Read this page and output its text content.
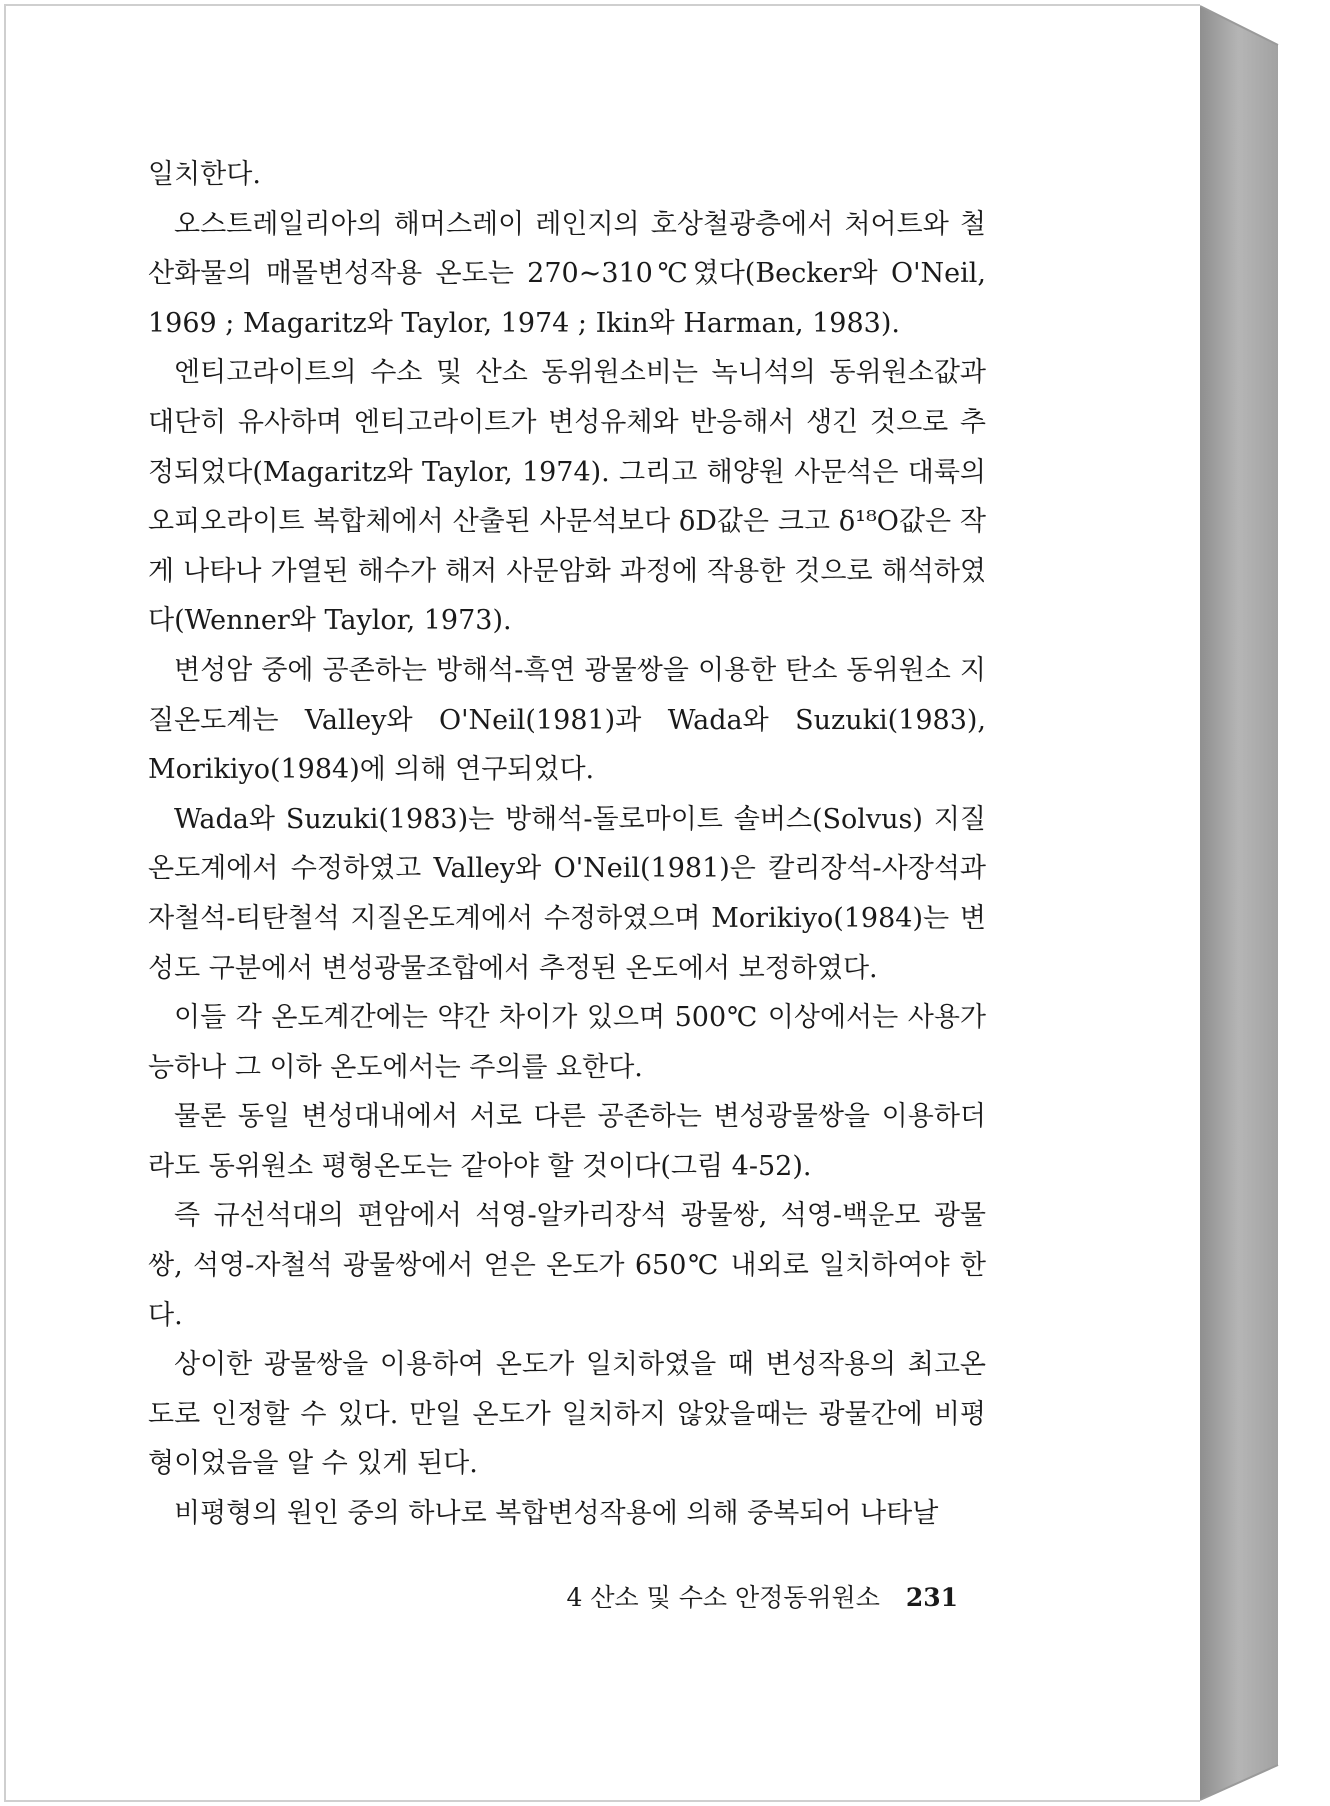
일치한다.

오스트레일리아의 해머스레이 레인지의 호상철광층에서 처어트와 철산화물의 매몰변성작용 온도는 270~310℃였다(Becker와 O'Neil, 1969 ; Magaritz와 Taylor, 1974 ; Ikin와 Harman, 1983).

엔티고라이트의 수소 및 산소 동위원소비는 녹니석의 동위원소값과 대단히 유사하며 엔티고라이트가 변성유체와 반응해서 생긴 것으로 추정되었다(Magaritz와 Taylor, 1974). 그리고 해양원 사문석은 대륙의 오피오라이트 복합체에서 산출된 사문석보다 δD값은 크고 δ¹⁸O값은 작게 나타나 가열된 해수가 해저 사문암화 과정에 작용한 것으로 해석하였다(Wenner와 Taylor, 1973).

변성암 중에 공존하는 방해석-흑연 광물쌍을 이용한 탄소 동위원소 지질온도계는 Valley와 O'Neil(1981)과 Wada와 Suzuki(1983), Morikiyo(1984)에 의해 연구되었다.

Wada와 Suzuki(1983)는 방해석-돌로마이트 솔버스(Solvus) 지질온도계에서 수정하였고 Valley와 O'Neil(1981)은 칼리장석-사장석과 자철석-티탄철석 지질온도계에서 수정하였으며 Morikiyo(1984)는 변성도 구분에서 변성광물조합에서 추정된 온도에서 보정하였다.

이들 각 온도계간에는 약간 차이가 있으며 500℃ 이상에서는 사용가능하나 그 이하 온도에서는 주의를 요한다.

물론 동일 변성대내에서 서로 다른 공존하는 변성광물쌍을 이용하더라도 동위원소 평형온도는 같아야 할 것이다(그림 4-52).

즉 규선석대의 편암에서 석영-알카리장석 광물쌍, 석영-백운모 광물쌍, 석영-자철석 광물쌍에서 얻은 온도가 650℃ 내외로 일치하여야 한다.

상이한 광물쌍을 이용하여 온도가 일치하였을 때 변성작용의 최고온도로 인정할 수 있다. 만일 온도가 일치하지 않았을때는 광물간에 비평형이었음을 알 수 있게 된다.

비평형의 원인 중의 하나로 복합변성작용에 의해 중복되어 나타날

4 산소 및 수소 안정동위원소 231
